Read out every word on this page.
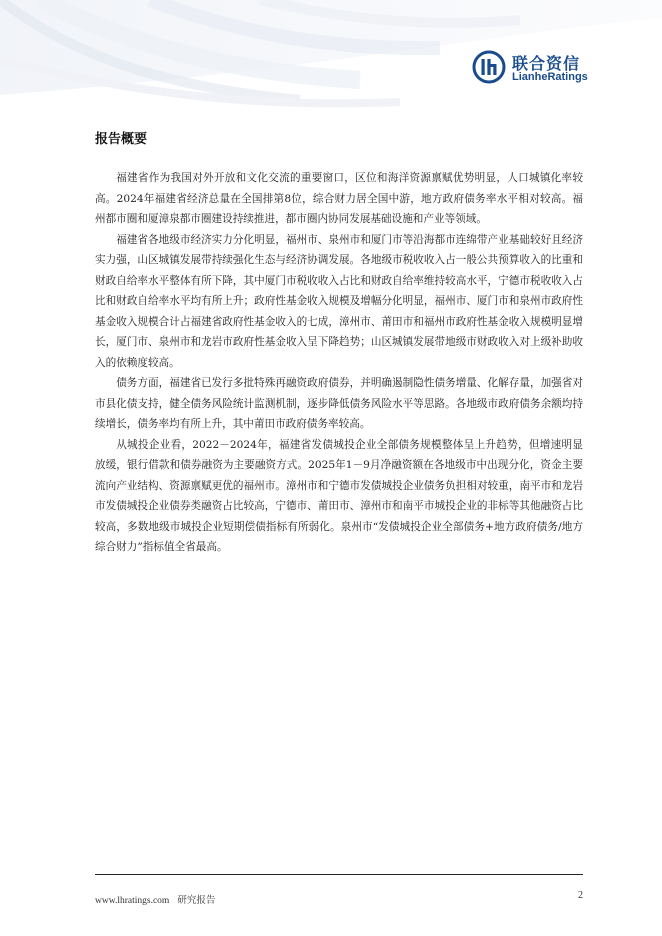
联合资信
LianheRatings
报告概要

福建省作为我国对外开放和文化交流的重要窗口，区位和海洋资源禀赋优势明显，人口城镇化率较高。2024年福建省经济总量在全国排第8位，综合财力居全国中游，地方政府债务率水平相对较高。福州都市圈和厦漳泉都市圈建设持续推进，都市圈内协同发展基础设施和产业等领域。

福建省各地级市经济实力分化明显，福州市、泉州市和厦门市等沿海都市连绵带产业基础较好且经济实力强，山区城镇发展带持续强化生态与经济协调发展。各地级市税收收入占一般公共预算收入的比重和财政自给率水平整体有所下降，其中厦门市税收收入占比和财政自给率维持较高水平，宁德市税收收入占比和财政自给率水平均有所上升；政府性基金收入规模及增幅分化明显，福州市、厦门市和泉州市政府性基金收入规模合计占福建省政府性基金收入的七成，漳州市、莆田市和福州市政府性基金收入规模明显增长，厦门市、泉州市和龙岩市政府性基金收入呈下降趋势；山区城镇发展带地级市财政收入对上级补助收入的依赖度较高。

债务方面，福建省已发行多批特殊再融资政府债券，并明确遏制隐性债务增量、化解存量，加强省对市县化债支持，健全债务风险统计监测机制，逐步降低债务风险水平等思路。各地级市政府债务余额均持续增长，债务率均有所上升，其中莆田市政府债务率较高。

从城投企业看，2022－2024年，福建省发债城投企业全部债务规模整体呈上升趋势，但增速明显放缓，银行借款和债券融资为主要融资方式。2025年1－9月净融资额在各地级市中出现分化，资金主要流向产业结构、资源禀赋更优的福州市。漳州市和宁德市发债城投企业债务负担相对较重，南平市和龙岩市发债城投企业债券类融资占比较高，宁德市、莆田市、漳州市和南平市城投企业的非标等其他融资占比较高，多数地级市城投企业短期偿债指标有所弱化。泉州市“发债城投企业全部债务+地方政府债务/地方综合财力”指标值全省最高。

www.lhratings.com 研究报告	2
